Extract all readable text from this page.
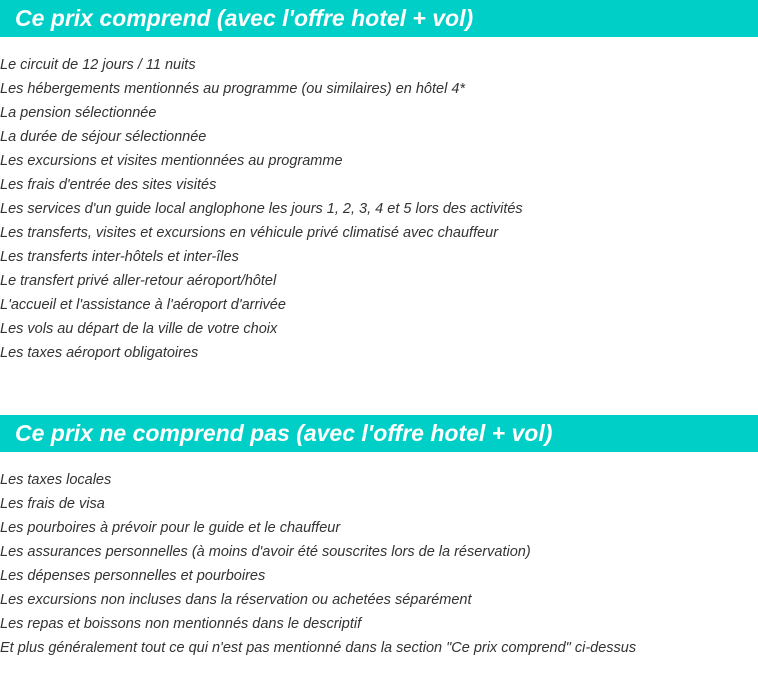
Ce prix comprend (avec l'offre hotel + vol)
Le circuit de 12 jours / 11 nuits
Les hébergements mentionnés au programme (ou similaires) en hôtel 4*
La pension sélectionnée
La durée de séjour sélectionnée
Les excursions et visites mentionnées au programme
Les frais d'entrée des sites visités
Les services d'un guide local anglophone les jours 1, 2, 3, 4 et 5 lors des activités
Les transferts, visites et excursions en véhicule privé climatisé avec chauffeur
Les transferts inter-hôtels et inter-îles
Le transfert privé aller-retour aéroport/hôtel
L'accueil et l'assistance à l'aéroport d'arrivée
Les vols au départ de la ville de votre choix
Les taxes aéroport obligatoires
Ce prix ne comprend pas (avec l'offre hotel + vol)
Les taxes locales
Les frais de visa
Les pourboires à prévoir pour le guide et le chauffeur
Les assurances personnelles (à moins d'avoir été souscrites lors de la réservation)
Les dépenses personnelles et pourboires
Les excursions non incluses dans la réservation ou achetées séparément
Les repas et boissons non mentionnés dans le descriptif
Et plus généralement tout ce qui n'est pas mentionné dans la section "Ce prix comprend" ci-dessus
